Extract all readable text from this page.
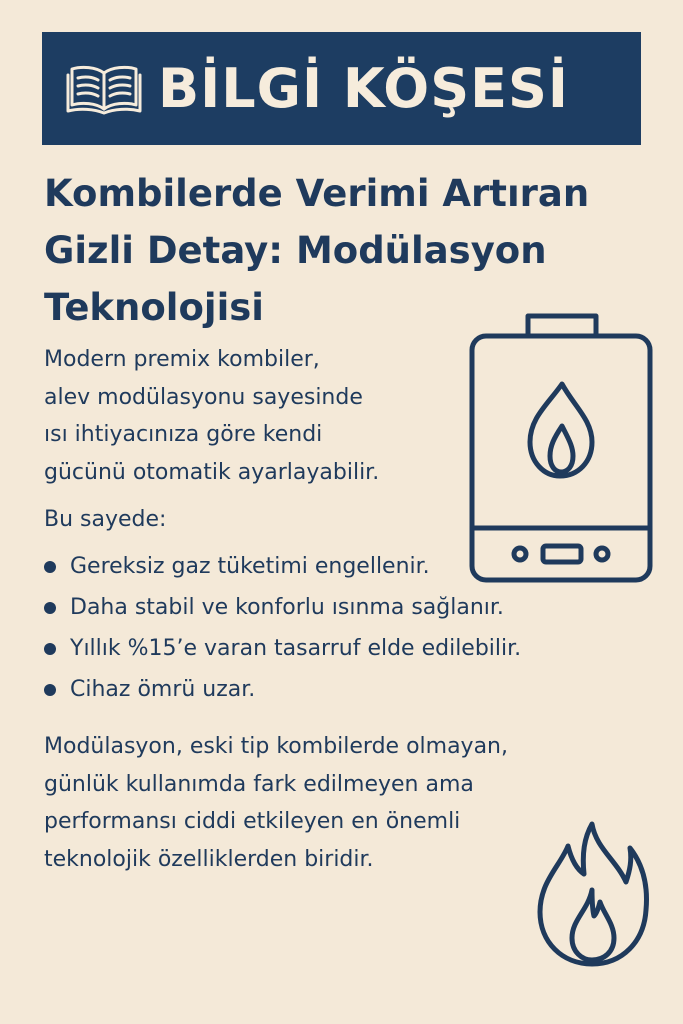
BİLGİ KÖŞESİ
Kombilerde Verimi Artıran
Gizli Detay: Modülasyon
Teknolojisi

Modern premix kombiler,
alev modülasyonu sayesinde
ısı ihtiyacınıza göre kendi
gücünü otomatik ayarlayabilir.

Bu sayede:

Gereksiz gaz tüketimi engellenir.
Daha stabil ve konforlu ısınma sağlanır.
Yıllık %15’e varan tasarruf elde edilebilir.
Cihaz ömrü uzar.

Modülasyon, eski tip kombilerde olmayan,
günlük kullanımda fark edilmeyen ama
performansı ciddi etkileyen en önemli
teknolojik özelliklerden biridir.
